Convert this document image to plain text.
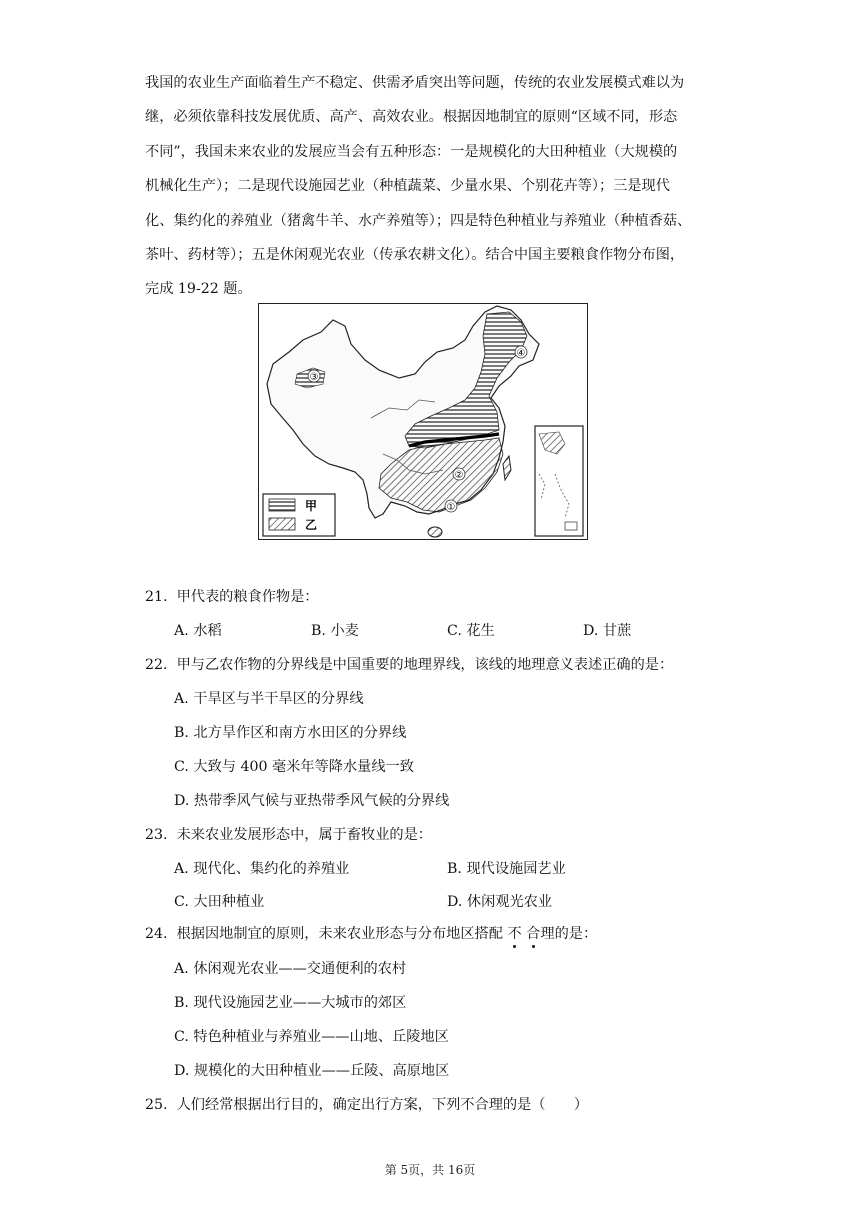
我国的农业生产面临着生产不稳定、供需矛盾突出等问题，传统的农业发展模式难以为
继，必须依靠科技发展优质、高产、高效农业。根据因地制宜的原则“区域不同，形态
不同”，我国未来农业的发展应当会有五种形态：一是规模化的大田种植业（大规模的
机械化生产）；二是现代设施园艺业（种植蔬菜、少量水果、个别花卉等）；三是现代
化、集约化的养殖业（猪禽牛羊、水产养殖等）；四是特色种植业与养殖业（种植香菇、
茶叶、药材等）；五是休闲观光农业（传承农耕文化）。结合中国主要粮食作物分布图，
完成 19-22 题。
④
③
②
①
甲
乙
21. 甲代表的粮食作物是：
A. 水稻	B. 小麦	C. 花生	D. 甘蔗
22. 甲与乙农作物的分界线是中国重要的地理界线，该线的地理意义表述正确的是：
A. 干旱区与半干旱区的分界线
B. 北方旱作区和南方水田区的分界线
C. 大致与 400 毫米年等降水量线一致
D. 热带季风气候与亚热带季风气候的分界线
23. 未来农业发展形态中，属于畜牧业的是：
A. 现代化、集约化的养殖业	B. 现代设施园艺业
C. 大田种植业	D. 休闲观光农业
24. 根据因地制宜的原则，未来农业形态与分布地区搭配 不 合理的是：
A. 休闲观光农业——交通便利的农村
B. 现代设施园艺业——大城市的郊区
C. 特色种植业与养殖业——山地、丘陵地区
D. 规模化的大田种植业——丘陵、高原地区
25. 人们经常根据出行目的，确定出行方案，下列不合理的是（　　）
第 5页，共 16页
